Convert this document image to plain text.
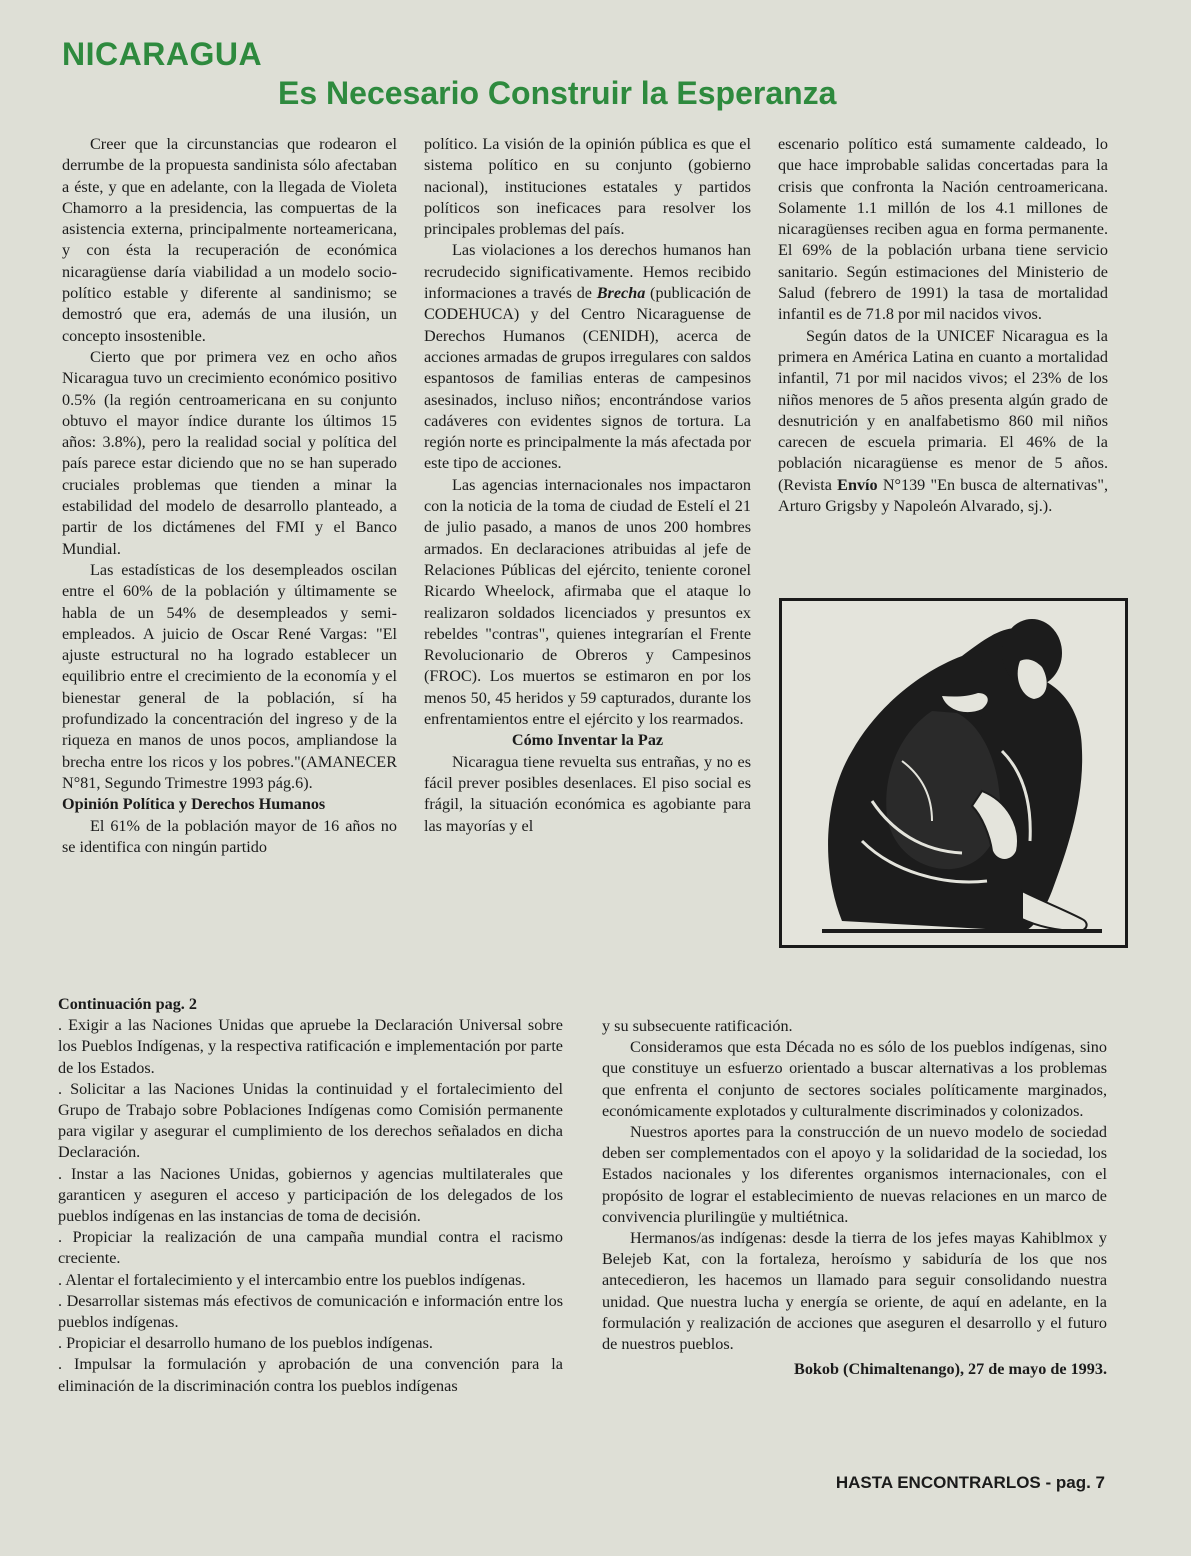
NICARAGUA
Es Necesario Construir la Esperanza

Creer que la circunstancias que rodearon el derrumbe de la propuesta sandinista sólo afectaban a éste, y que en adelante, con la llegada de Violeta Chamorro a la presidencia, las compuertas de la asistencia externa, principalmente norteamericana, y con ésta la recuperación de económica nicaragüense daría viabilidad a un modelo socio-político estable y diferente al sandinismo; se demostró que era, además de una ilusión, un concepto insostenible.

Cierto que por primera vez en ocho años Nicaragua tuvo un crecimiento económico positivo 0.5% (la región centroamericana en su conjunto obtuvo el mayor índice durante los últimos 15 años: 3.8%), pero la realidad social y política del país parece estar diciendo que no se han superado cruciales problemas que tienden a minar la estabilidad del modelo de desarrollo planteado, a partir de los dictámenes del FMI y el Banco Mundial.

Las estadísticas de los desempleados oscilan entre el 60% de la población y últimamente se habla de un 54% de desempleados y semi-empleados. A juicio de Oscar René Vargas: "El ajuste estructural no ha logrado establecer un equilibrio entre el crecimiento de la economía y el bienestar general de la población, sí ha profundizado la concentración del ingreso y de la riqueza en manos de unos pocos, ampliandose la brecha entre los ricos y los pobres."(AMANECER N°81, Segundo Trimestre 1993 pág.6).

Opinión Política y Derechos Humanos

El 61% de la población mayor de 16 años no se identifica con ningún partido

político. La visión de la opinión pública es que el sistema político en su conjunto (gobierno nacional), instituciones estatales y partidos políticos son ineficaces para resolver los principales problemas del país.

Las violaciones a los derechos humanos han recrudecido significativamente. Hemos recibido informaciones a través de Brecha (publicación de CODEHUCA) y del Centro Nicaraguense de Derechos Humanos (CENIDH), acerca de acciones armadas de grupos irregulares con saldos espantosos de familias enteras de campesinos asesinados, incluso niños; encontrándose varios cadáveres con evidentes signos de tortura. La región norte es principalmente la más afectada por este tipo de acciones.

Las agencias internacionales nos impactaron con la noticia de la toma de ciudad de Estelí el 21 de julio pasado, a manos de unos 200 hombres armados. En declaraciones atribuidas al jefe de Relaciones Públicas del ejército, teniente coronel Ricardo Wheelock, afirmaba que el ataque lo realizaron soldados licenciados y presuntos ex rebeldes "contras", quienes integrarían el Frente Revolucionario de Obreros y Campesinos (FROC). Los muertos se estimaron en por los menos 50, 45 heridos y 59 capturados, durante los enfrentamientos entre el ejército y los rearmados.

Cómo Inventar la Paz

Nicaragua tiene revuelta sus entrañas, y no es fácil prever posibles desenlaces. El piso social es frágil, la situación económica es agobiante para las mayorías y el

escenario político está sumamente caldeado, lo que hace improbable salidas concertadas para la crisis que confronta la Nación centroamericana. Solamente 1.1 millón de los 4.1 millones de nicaragüenses reciben agua en forma permanente. El 69% de la población urbana tiene servicio sanitario. Según estimaciones del Ministerio de Salud (febrero de 1991) la tasa de mortalidad infantil es de 71.8 por mil nacidos vivos.

Según datos de la UNICEF Nicaragua es la primera en América Latina en cuanto a mortalidad infantil, 71 por mil nacidos vivos; el 23% de los niños menores de 5 años presenta algún grado de desnutrición y en analfabetismo 860 mil niños carecen de escuela primaria. El 46% de la población nicaragüense es menor de 5 años. (Revista Envío N°139 "En busca de alternativas", Arturo Grigsby y Napoleón Alvarado, sj.).

Continuación pag. 2

. Exigir a las Naciones Unidas que apruebe la Declaración Universal sobre los Pueblos Indígenas, y la respectiva ratificación e implementación por parte de los Estados.

. Solicitar a las Naciones Unidas la continuidad y el fortalecimiento del Grupo de Trabajo sobre Poblaciones Indígenas como Comisión permanente para vigilar y asegurar el cumplimiento de los derechos señalados en dicha Declaración.

. Instar a las Naciones Unidas, gobiernos y agencias multilaterales que garanticen y aseguren el acceso y participación de los delegados de los pueblos indígenas en las instancias de toma de decisión.

. Propiciar la realización de una campaña mundial contra el racismo creciente.

. Alentar el fortalecimiento y el intercambio entre los pueblos indígenas.

. Desarrollar sistemas más efectivos de comunicación e información entre los pueblos indígenas.

. Propiciar el desarrollo humano de los pueblos indígenas.

. Impulsar la formulación y aprobación de una convención para la eliminación de la discriminación contra los pueblos indígenas

y su subsecuente ratificación.

Consideramos que esta Década no es sólo de los pueblos indígenas, sino que constituye un esfuerzo orientado a buscar alternativas a los problemas que enfrenta el conjunto de sectores sociales políticamente marginados, económicamente explotados y culturalmente discriminados y colonizados.

Nuestros aportes para la construcción de un nuevo modelo de sociedad deben ser complementados con el apoyo y la solidaridad de la sociedad, los Estados nacionales y los diferentes organismos internacionales, con el propósito de lograr el establecimiento de nuevas relaciones en un marco de convivencia plurilingüe y multiétnica.

Hermanos/as indígenas: desde la tierra de los jefes mayas Kahiblmox y Belejeb Kat, con la fortaleza, heroísmo y sabiduría de los que nos antecedieron, les hacemos un llamado para seguir consolidando nuestra unidad. Que nuestra lucha y energía se oriente, de aquí en adelante, en la formulación y realización de acciones que aseguren el desarrollo y el futuro de nuestros pueblos.

Bokob (Chimaltenango), 27 de mayo de 1993.

HASTA ENCONTRARLOS - pag. 7
